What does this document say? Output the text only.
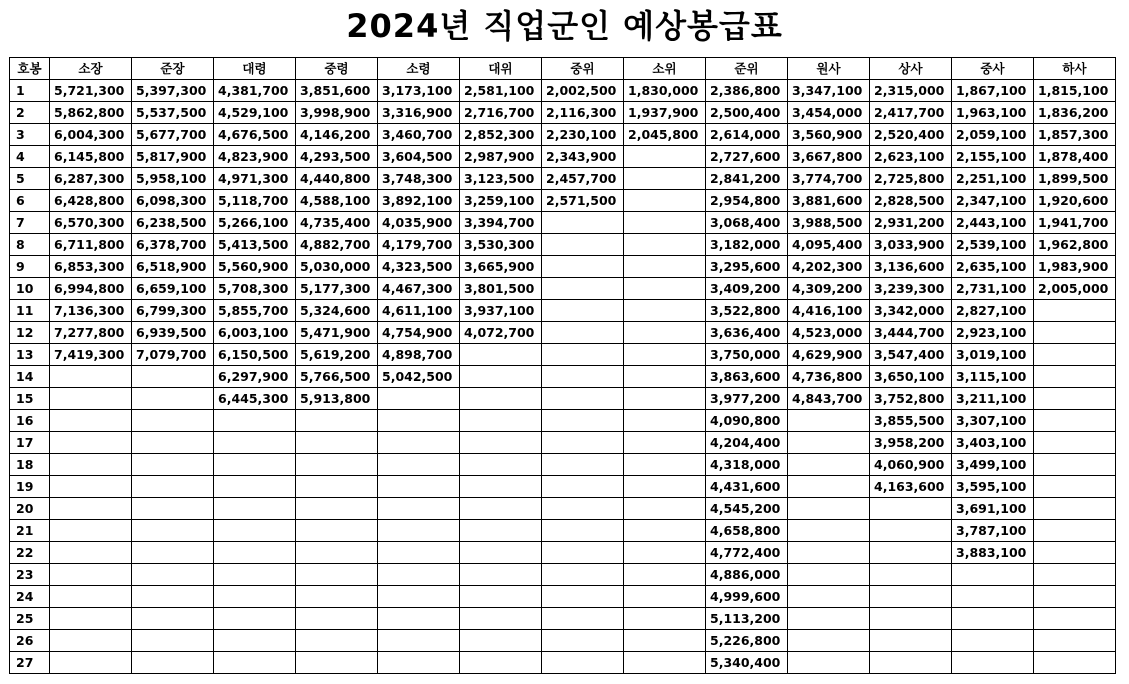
2024년 직업군인 예상봉급표
호봉	소장	준장	대령	중령	소령	대위	중위	소위	준위	원사	상사	중사	하사
1	5,721,300	5,397,300	4,381,700	3,851,600	3,173,100	2,581,100	2,002,500	1,830,000	2,386,800	3,347,100	2,315,000	1,867,100	1,815,100
2	5,862,800	5,537,500	4,529,100	3,998,900	3,316,900	2,716,700	2,116,300	1,937,900	2,500,400	3,454,000	2,417,700	1,963,100	1,836,200
3	6,004,300	5,677,700	4,676,500	4,146,200	3,460,700	2,852,300	2,230,100	2,045,800	2,614,000	3,560,900	2,520,400	2,059,100	1,857,300
4	6,145,800	5,817,900	4,823,900	4,293,500	3,604,500	2,987,900	2,343,900		2,727,600	3,667,800	2,623,100	2,155,100	1,878,400
5	6,287,300	5,958,100	4,971,300	4,440,800	3,748,300	3,123,500	2,457,700		2,841,200	3,774,700	2,725,800	2,251,100	1,899,500
6	6,428,800	6,098,300	5,118,700	4,588,100	3,892,100	3,259,100	2,571,500		2,954,800	3,881,600	2,828,500	2,347,100	1,920,600
7	6,570,300	6,238,500	5,266,100	4,735,400	4,035,900	3,394,700			3,068,400	3,988,500	2,931,200	2,443,100	1,941,700
8	6,711,800	6,378,700	5,413,500	4,882,700	4,179,700	3,530,300			3,182,000	4,095,400	3,033,900	2,539,100	1,962,800
9	6,853,300	6,518,900	5,560,900	5,030,000	4,323,500	3,665,900			3,295,600	4,202,300	3,136,600	2,635,100	1,983,900
10	6,994,800	6,659,100	5,708,300	5,177,300	4,467,300	3,801,500			3,409,200	4,309,200	3,239,300	2,731,100	2,005,000
11	7,136,300	6,799,300	5,855,700	5,324,600	4,611,100	3,937,100			3,522,800	4,416,100	3,342,000	2,827,100	
12	7,277,800	6,939,500	6,003,100	5,471,900	4,754,900	4,072,700			3,636,400	4,523,000	3,444,700	2,923,100	
13	7,419,300	7,079,700	6,150,500	5,619,200	4,898,700				3,750,000	4,629,900	3,547,400	3,019,100	
14			6,297,900	5,766,500	5,042,500				3,863,600	4,736,800	3,650,100	3,115,100	
15			6,445,300	5,913,800					3,977,200	4,843,700	3,752,800	3,211,100	
16									4,090,800		3,855,500	3,307,100	
17									4,204,400		3,958,200	3,403,100	
18									4,318,000		4,060,900	3,499,100	
19									4,431,600		4,163,600	3,595,100	
20									4,545,200			3,691,100	
21									4,658,800			3,787,100	
22									4,772,400			3,883,100	
23									4,886,000				
24									4,999,600				
25									5,113,200				
26									5,226,800				
27									5,340,400				
